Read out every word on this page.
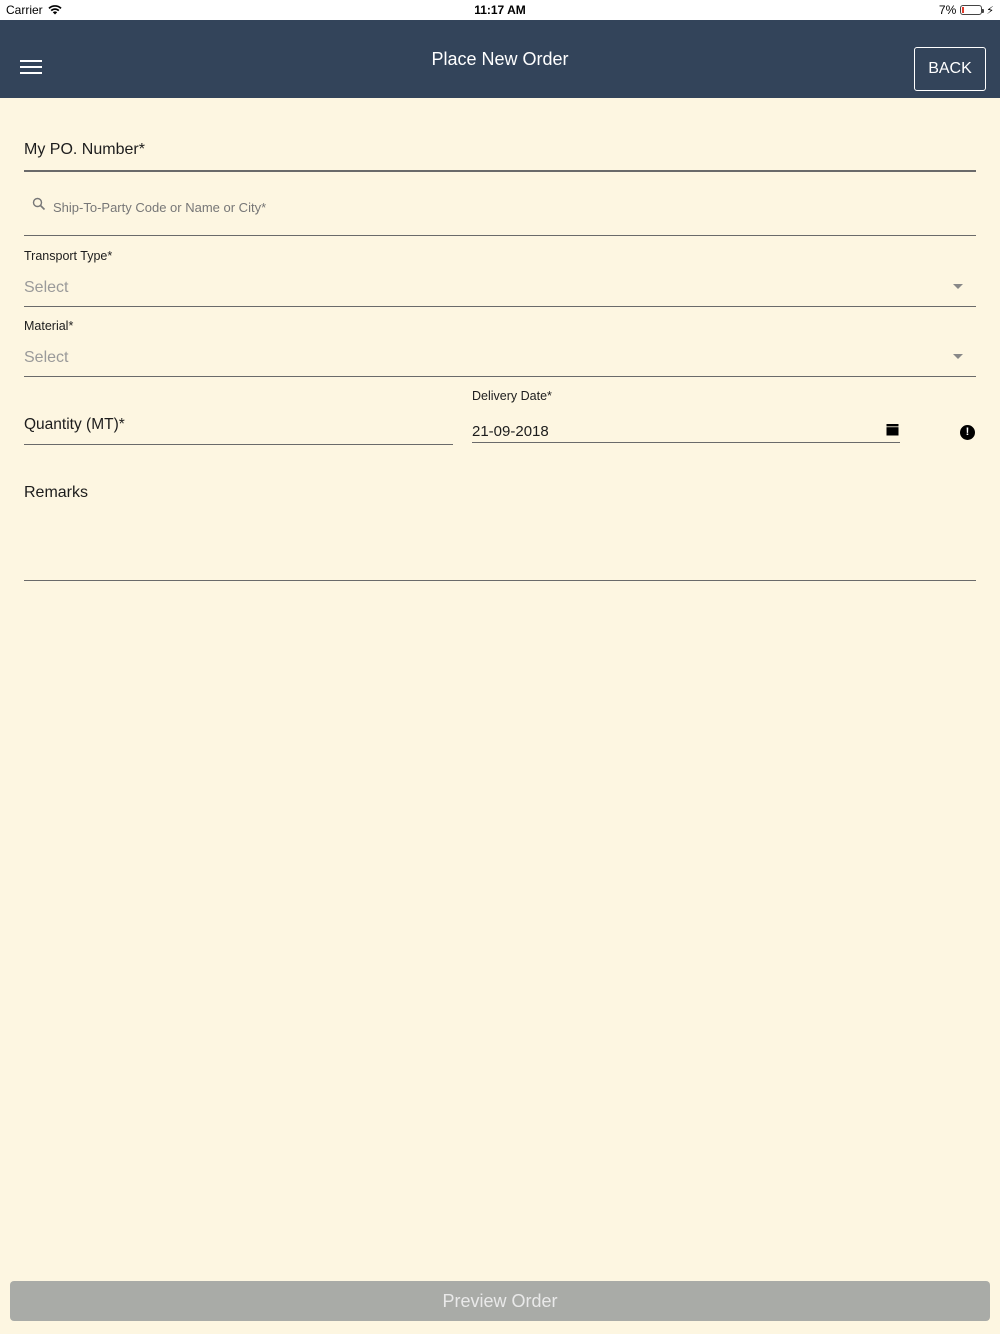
Carrier	11:17 AM	7%	⚡
Place New Order	BACK
My PO. Number*
Ship-To-Party Code or Name or City*
Transport Type*
Select
Material*
Select
Quantity (MT)*
Delivery Date*
21-09-2018	!
Remarks
Preview Order
